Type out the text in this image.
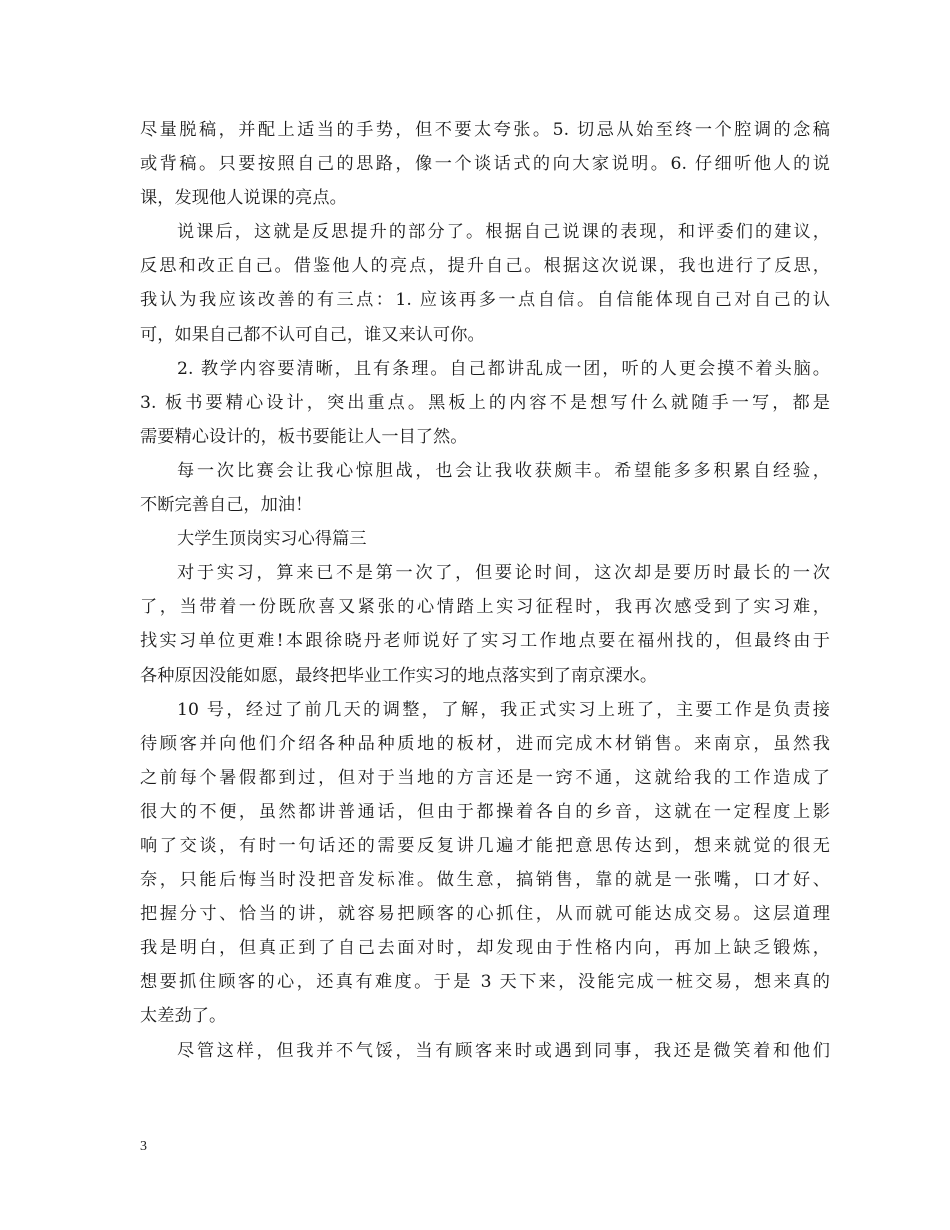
尽量脱稿，并配上适当的手势，但不要太夸张。5. 切忌从始至终一个腔调的念稿
或背稿。只要按照自己的思路，像一个谈话式的向大家说明。6. 仔细听他人的说
课，发现他人说课的亮点。
说课后，这就是反思提升的部分了。根据自己说课的表现，和评委们的建议，
反思和改正自己。借鉴他人的亮点，提升自己。根据这次说课，我也进行了反思，
我认为我应该改善的有三点：1. 应该再多一点自信。自信能体现自己对自己的认
可，如果自己都不认可自己，谁又来认可你。
2. 教学内容要清晰，且有条理。自己都讲乱成一团，听的人更会摸不着头脑。
3. 板书要精心设计，突出重点。黑板上的内容不是想写什么就随手一写，都是
需要精心设计的，板书要能让人一目了然。
每一次比赛会让我心惊胆战，也会让我收获颇丰。希望能多多积累自经验，
不断完善自己，加油！
大学生顶岗实习心得篇三
对于实习，算来已不是第一次了，但要论时间，这次却是要历时最长的一次
了，当带着一份既欣喜又紧张的心情踏上实习征程时，我再次感受到了实习难，
找实习单位更难!本跟徐晓丹老师说好了实习工作地点要在福州找的，但最终由于
各种原因没能如愿，最终把毕业工作实习的地点落实到了南京溧水。
10 号，经过了前几天的调整，了解，我正式实习上班了，主要工作是负责接
待顾客并向他们介绍各种品种质地的板材，进而完成木材销售。来南京，虽然我
之前每个暑假都到过，但对于当地的方言还是一窍不通，这就给我的工作造成了
很大的不便，虽然都讲普通话，但由于都操着各自的乡音，这就在一定程度上影
响了交谈，有时一句话还的需要反复讲几遍才能把意思传达到，想来就觉的很无
奈，只能后悔当时没把音发标准。做生意，搞销售，靠的就是一张嘴，口才好、
把握分寸、恰当的讲，就容易把顾客的心抓住，从而就可能达成交易。这层道理
我是明白，但真正到了自己去面对时，却发现由于性格内向，再加上缺乏锻炼，
想要抓住顾客的心，还真有难度。于是 3 天下来，没能完成一桩交易，想来真的
太差劲了。
尽管这样，但我并不气馁，当有顾客来时或遇到同事，我还是微笑着和他们
3
